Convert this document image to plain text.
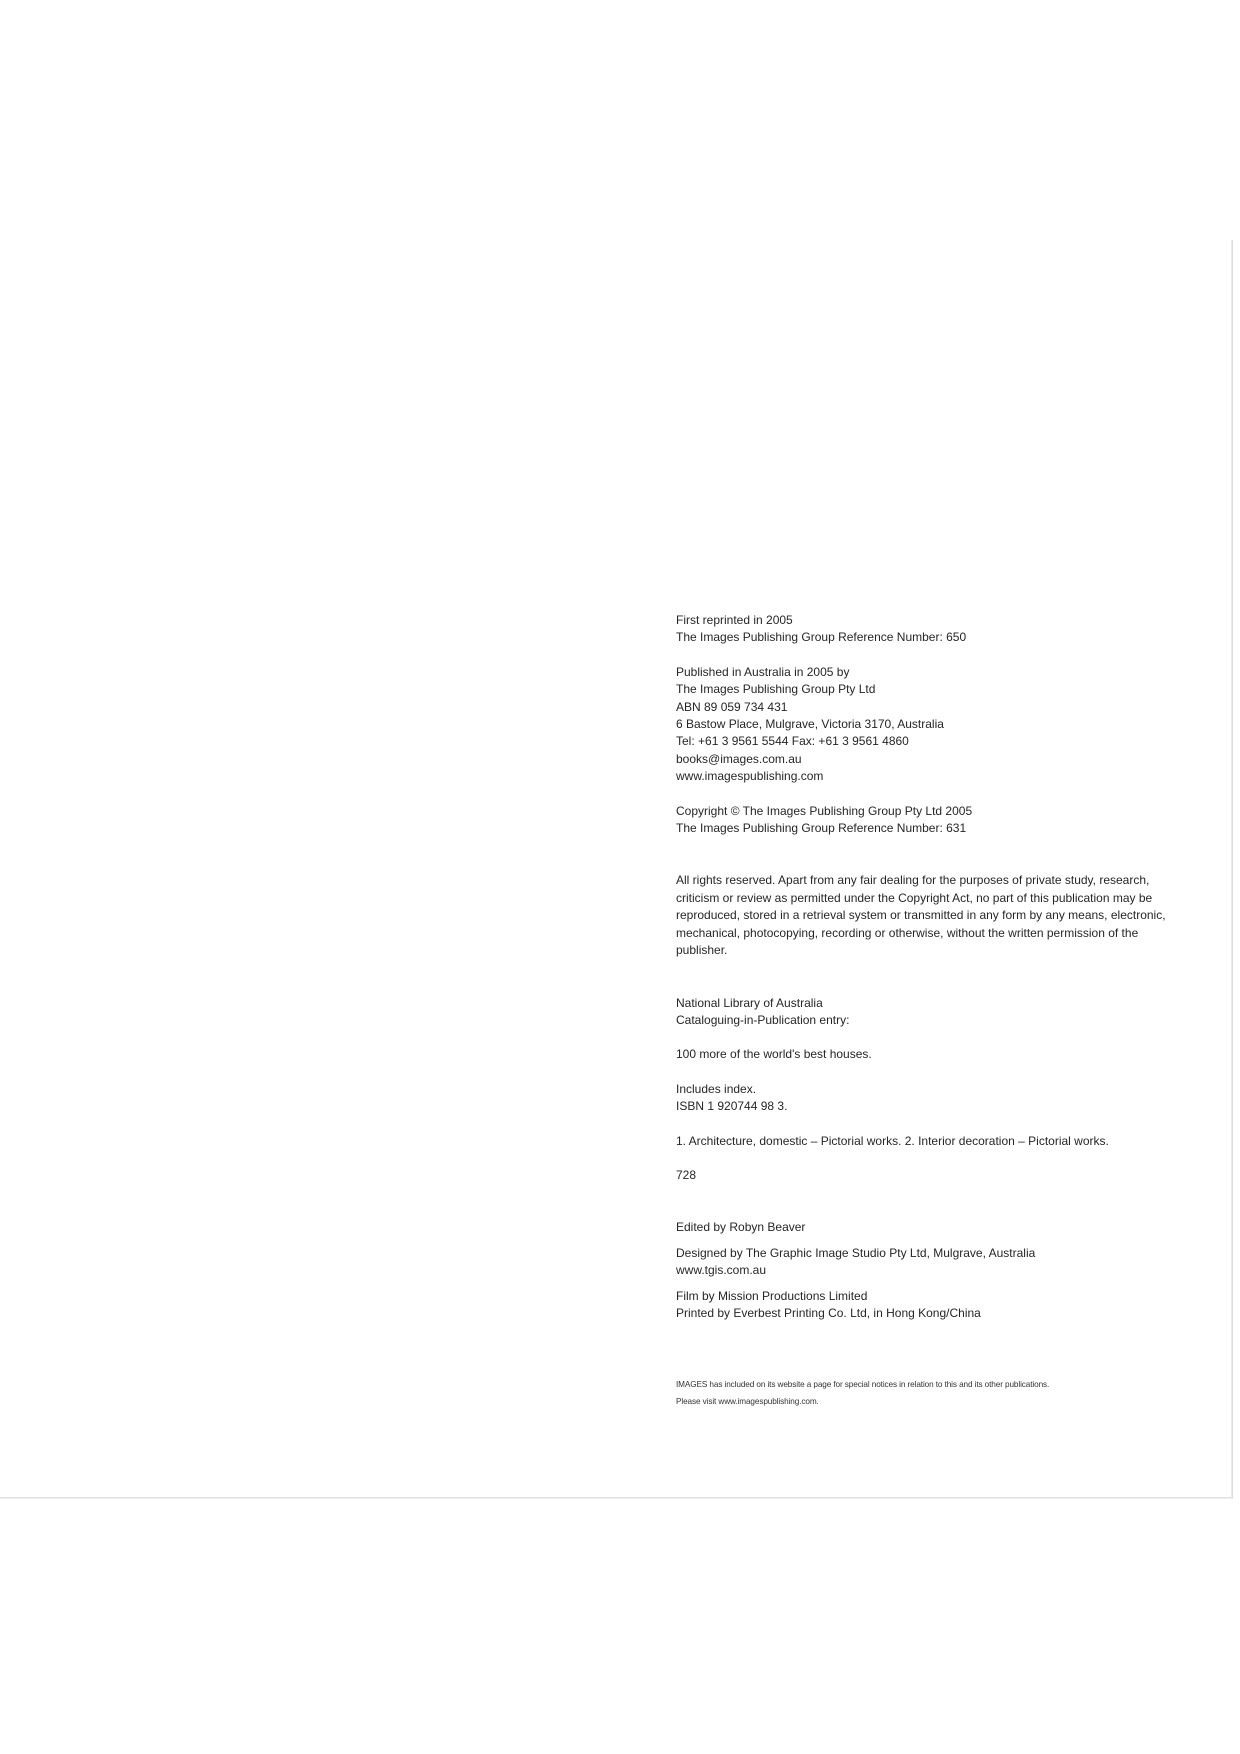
First reprinted in 2005

The Images Publishing Group Reference Number: 650

Published in Australia in 2005 by

The Images Publishing Group Pty Ltd

ABN 89 059 734 431

6 Bastow Place, Mulgrave, Victoria 3170, Australia

Tel: +61 3 9561 5544 Fax: +61 3 9561 4860

books@images.com.au

www.imagespublishing.com

Copyright © The Images Publishing Group Pty Ltd 2005

The Images Publishing Group Reference Number: 631

All rights reserved. Apart from any fair dealing for the purposes of private study, research,

criticism or review as permitted under the Copyright Act, no part of this publication may be

reproduced, stored in a retrieval system or transmitted in any form by any means, electronic,

mechanical, photocopying, recording or otherwise, without the written permission of the

publisher.

National Library of Australia

Cataloguing-in-Publication entry:

100 more of the world's best houses.

Includes index.

ISBN 1 920744 98 3.

1. Architecture, domestic – Pictorial works. 2. Interior decoration – Pictorial works.

728

Edited by Robyn Beaver

Designed by The Graphic Image Studio Pty Ltd, Mulgrave, Australia

www.tgis.com.au

Film by Mission Productions Limited

Printed by Everbest Printing Co. Ltd, in Hong Kong/China

IMAGES has included on its website a page for special notices in relation to this and its other publications.

Please visit www.imagespublishing.com.
